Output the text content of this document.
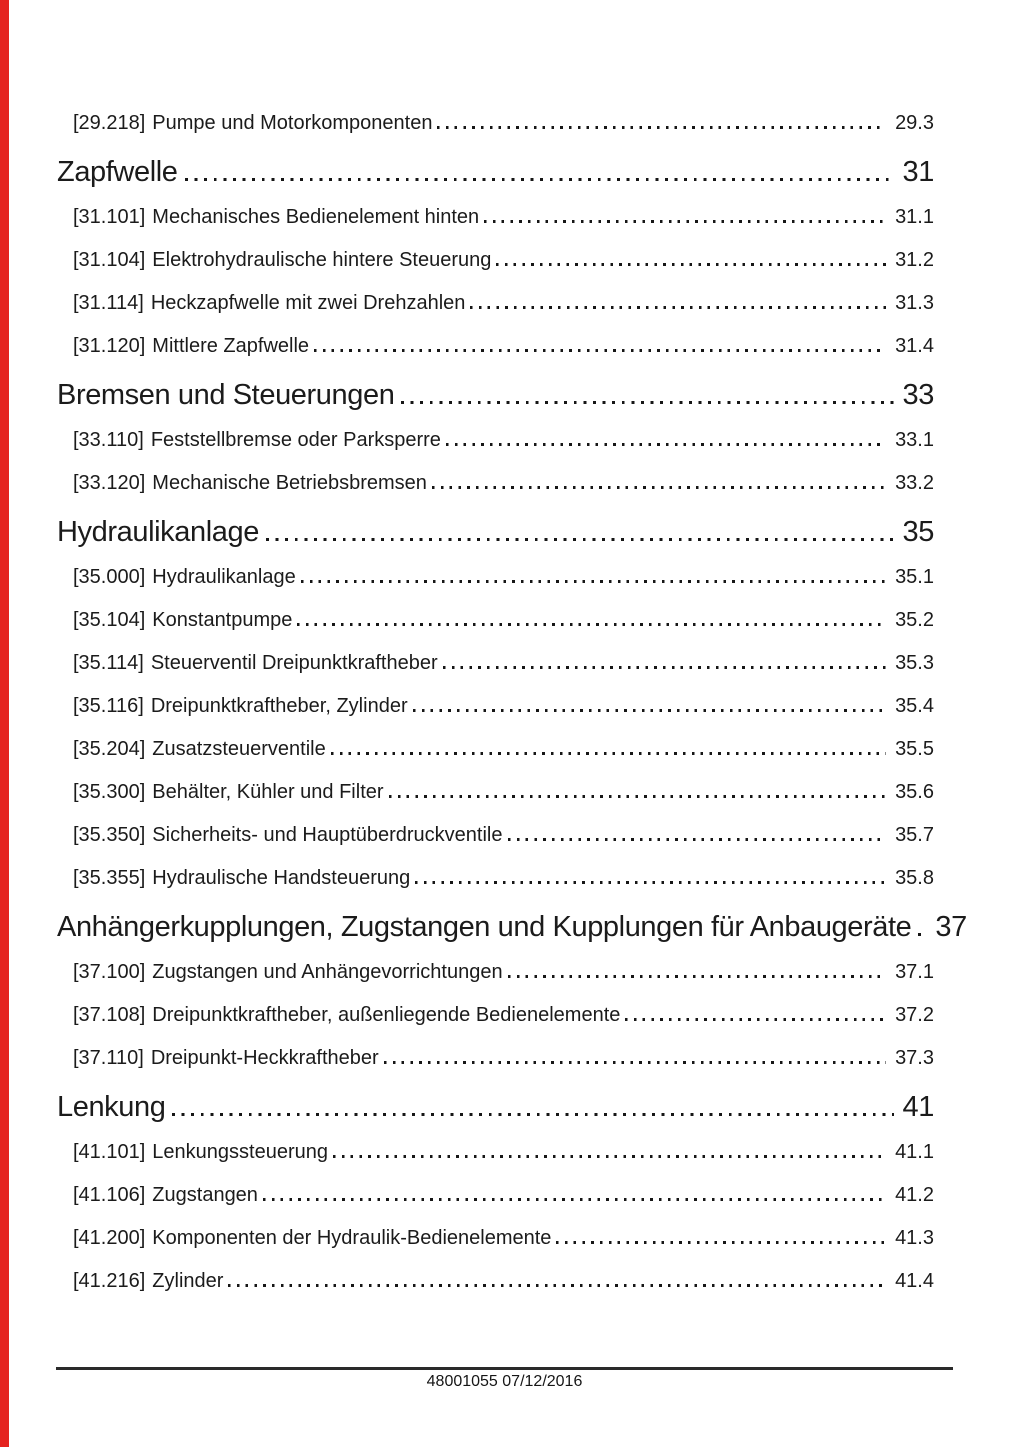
[29.218] Pumpe und Motorkomponenten	29.3
Zapfwelle	31
[31.101] Mechanisches Bedienelement hinten	31.1
[31.104] Elektrohydraulische hintere Steuerung	31.2
[31.114] Heckzapfwelle mit zwei Drehzahlen	31.3
[31.120] Mittlere Zapfwelle	31.4
Bremsen und Steuerungen	33
[33.110] Feststellbremse oder Parksperre	33.1
[33.120] Mechanische Betriebsbremsen	33.2
Hydraulikanlage	35
[35.000] Hydraulikanlage	35.1
[35.104] Konstantpumpe	35.2
[35.114] Steuerventil Dreipunktkraftheber	35.3
[35.116] Dreipunktkraftheber, Zylinder	35.4
[35.204] Zusatzsteuerventile	35.5
[35.300] Behälter, Kühler und Filter	35.6
[35.350] Sicherheits- und Hauptüberdruckventile	35.7
[35.355] Hydraulische Handsteuerung	35.8
Anhängerkupplungen, Zugstangen und Kupplungen für Anbaugeräte 37
[37.100] Zugstangen und Anhängevorrichtungen	37.1
[37.108] Dreipunktkraftheber, außenliegende Bedienelemente	37.2
[37.110] Dreipunkt-Heckkraftheber	37.3
Lenkung	41
[41.101] Lenkungssteuerung	41.1
[41.106] Zugstangen	41.2
[41.200] Komponenten der Hydraulik-Bedienelemente	41.3
[41.216] Zylinder	41.4
48001055 07/12/2016
